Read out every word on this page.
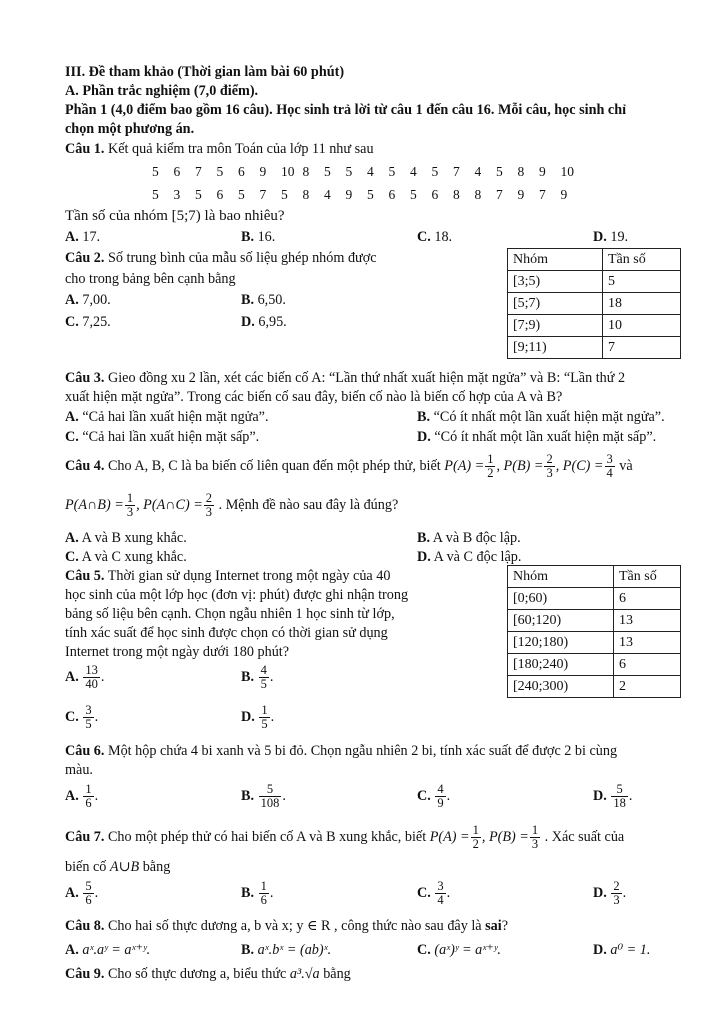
III. Đề tham khảo (Thời gian làm bài 60 phút)
A. Phần trắc nghiệm (7,0 điểm).
Phần 1 (4,0 điểm bao gồm 16 câu). Học sinh trả lời từ câu 1 đến câu 16. Mỗi câu, học sinh chỉ
chọn một phương án.
Câu 1. Kết quả kiểm tra môn Toán của lớp 11 như sau
5 6 7 5 6 9 10 8 5 5 4 5 4 5 7 4 5 8 9 10
5 3 5 6 5 7 5 8 4 9 5 6 5 6 8 8 7 9 7 9
Tần số của nhóm [5;7) là bao nhiêu?
A. 17.	B. 16.	C. 18.	D. 19.
Câu 2. Số trung bình của mẫu số liệu ghép nhóm được
cho trong bảng bên cạnh bằng
A. 7,00.	B. 6,50.
C. 7,25.	D. 6,95.
Nhóm	Tần số
[3;5)	5
[5;7)	18
[7;9)	10
[9;11)	7
Câu 3. Gieo đồng xu 2 lần, xét các biến cố A: “Lần thứ nhất xuất hiện mặt ngửa” và B: “Lần thứ 2
xuất hiện mặt ngửa”. Trong các biến cố sau đây, biến cố nào là biến cố hợp của A và B?
A. “Cả hai lần xuất hiện mặt ngửa”.	B. “Có ít nhất một lần xuất hiện mặt ngửa”.
C. “Cả hai lần xuất hiện mặt sấp”.	D. “Có ít nhất một lần xuất hiện mặt sấp”.
Câu 4. Cho A, B, C là ba biến cố liên quan đến một phép thử, biết $P(A) = \frac{1}{2}$ , $P(B) = \frac{2}{3}$ , $P(C) = \frac{3}{4}$ và
P(A∩B) = $\frac{1}{3}$ , P(A∩C) = $\frac{2}{3}$ . Mệnh đề nào sau đây là đúng?
A. A và B xung khắc.	B. A và B độc lập.
C. A và C xung khắc.	D. A và C độc lập.
Câu 5. Thời gian sử dụng Internet trong một ngày của 40
học sinh của một lớp học (đơn vị: phút) được ghi nhận trong
bảng số liệu bên cạnh. Chọn ngẫu nhiên 1 học sinh từ lớp,
tính xác suất để học sinh được chọn có thời gian sử dụng
Internet trong một ngày dưới 180 phút?
A. $\frac{13}{40}$ .	B. $\frac{4}{5}$ .
C. $\frac{3}{5}$ .	D. $\frac{1}{5}$ .
Nhóm	Tần số
[0;60)	6
[60;120)	13
[120;180)	13
[180;240)	6
[240;300)	2
Câu 6. Một hộp chứa 4 bi xanh và 5 bi đỏ. Chọn ngẫu nhiên 2 bi, tính xác suất để được 2 bi cùng
màu.
A. $\frac{1}{6}$ .	B. $\frac{5}{108}$ .	C. $\frac{4}{9}$ .	D. $\frac{5}{18}$ .
Câu 7. Cho một phép thử có hai biến cố A và B xung khắc, biết $P(A) = \frac{1}{2}$ , $P(B) = \frac{1}{3}$ . Xác suất của
biến cố A∪B bằng
A. $\frac{5}{6}$ .	B. $\frac{1}{6}$ .	C. $\frac{3}{4}$ .	D. $\frac{2}{3}$ .
Câu 8. Cho hai số thực dương a, b và x; y ∈ R , công thức nào sau đây là sai?
A. aˣ.aʸ = aˣ⁺ʸ.	B. aˣ.bˣ = (ab)ˣ.	C. (aˣ)ʸ = aˣ⁺ʸ.	D. a⁰ = 1.
Câu 9. Cho số thực dương a, biểu thức a³.√a bằng
